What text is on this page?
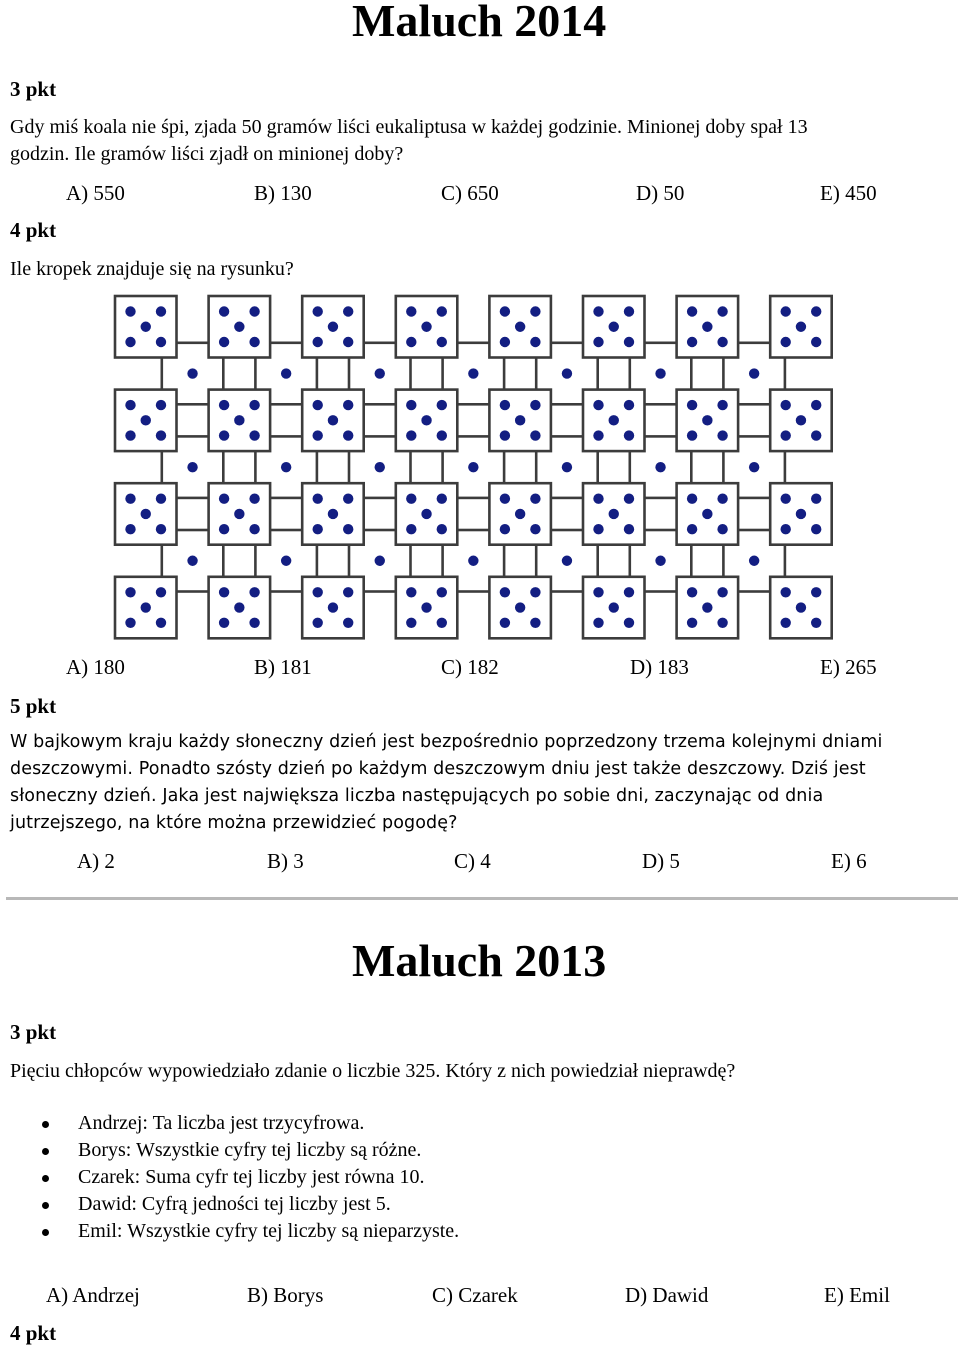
Maluch 2014
3 pkt
Gdy miś koala nie śpi, zjada 50 gramów liści eukaliptusa w każdej godzinie. Minionej doby spał 13
godzin. Ile gramów liści zjadł on minionej doby?
A) 550	B) 130	C) 650	D) 50	E) 450
4 pkt
Ile kropek znajduje się na rysunku?
A) 180	B) 181	C) 182	D) 183	E) 265
5 pkt
W bajkowym kraju każdy słoneczny dzień jest bezpośrednio poprzedzony trzema kolejnymi dniami
deszczowymi. Ponadto szósty dzień po każdym deszczowym dniu jest także deszczowy. Dziś jest
słoneczny dzień. Jaka jest największa liczba następujących po sobie dni, zaczynając od dnia
jutrzejszego, na które można przewidzieć pogodę?
A) 2	B) 3	C) 4	D) 5	E) 6
Maluch 2013
3 pkt
Pięciu chłopców wypowiedziało zdanie o liczbie 325. Który z nich powiedział nieprawdę?
Andrzej: Ta liczba jest trzycyfrowa.
Borys: Wszystkie cyfry tej liczby są różne.
Czarek: Suma cyfr tej liczby jest równa 10.
Dawid: Cyfrą jedności tej liczby jest 5.
Emil: Wszystkie cyfry tej liczby są nieparzyste.
A) Andrzej	B) Borys	C) Czarek	D) Dawid	E) Emil
4 pkt
